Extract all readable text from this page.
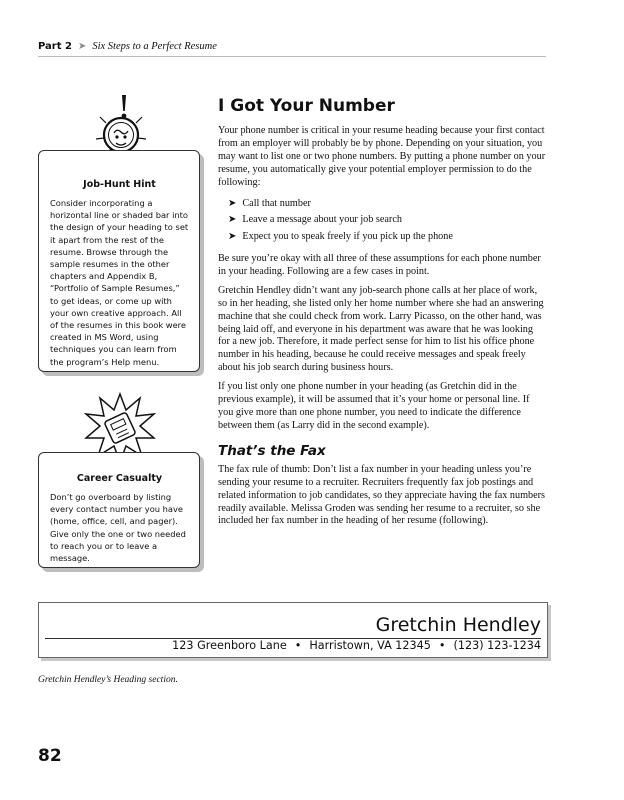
Part 2 ➤ Six Steps to a Perfect Resume

Job-Hunt Hint

Consider incorporating a horizontal line or shaded bar into the design of your heading to set it apart from the rest of the resume. Browse through the sample resumes in the other chapters and Appendix B, “Portfolio of Sample Resumes,” to get ideas, or come up with your own creative approach. All of the resumes in this book were created in MS Word, using techniques you can learn from the program’s Help menu.

Career Casualty

Don’t go overboard by listing every contact number you have (home, office, cell, and pager). Give only the one or two needed to reach you or to leave a message.

I Got Your Number

Your phone number is critical in your resume heading because your first contact from an employer will probably be by phone. Depending on your situation, you may want to list one or two phone numbers. By putting a phone number on your resume, you automatically give your potential employer permission to do the following:

➤ Call that number
➤ Leave a message about your job search
➤ Expect you to speak freely if you pick up the phone

Be sure you’re okay with all three of these assumptions for each phone number in your heading. Following are a few cases in point.

Gretchin Hendley didn’t want any job-search phone calls at her place of work, so in her heading, she listed only her home number where she had an answering machine that she could check from work. Larry Picasso, on the other hand, was being laid off, and everyone in his department was aware that he was looking for a new job. Therefore, it made perfect sense for him to list his office phone number in his heading, because he could receive messages and speak freely about his job search during business hours.

If you list only one phone number in your heading (as Gretchin did in the previous example), it will be assumed that it’s your home or personal line. If you give more than one phone number, you need to indicate the difference between them (as Larry did in the second example).

That’s the Fax

The fax rule of thumb: Don’t list a fax number in your heading unless you’re sending your resume to a recruiter. Recruiters frequently fax job postings and related information to job candidates, so they appreciate having the fax numbers readily available. Melissa Groden was sending her resume to a recruiter, so she included her fax number in the heading of her resume (following).

Gretchin Hendley
123 Greenboro Lane • Harristown, VA 12345 • (123) 123-1234
Gretchin Hendley’s Heading section.
82
